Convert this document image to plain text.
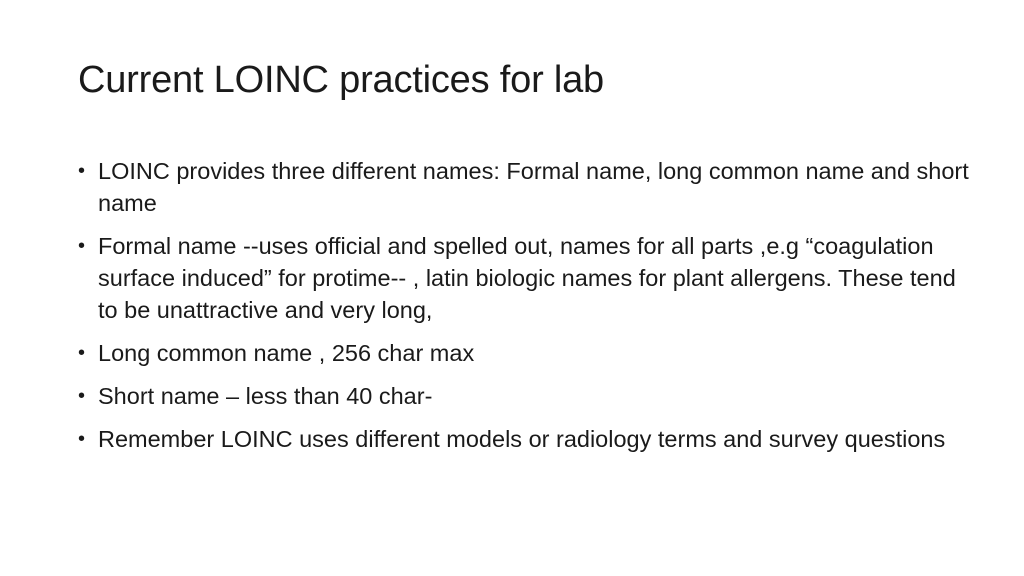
Current LOINC practices for lab
• LOINC provides three different names: Formal name, long common name and short name
• Formal name --uses official and spelled out, names for all parts ,e.g “coagulation surface induced” for protime-- , latin biologic names for plant allergens. These tend to be unattractive and very long,
• Long common name , 256 char max
• Short name – less than 40 char-
• Remember LOINC uses different models or radiology terms and survey questions
